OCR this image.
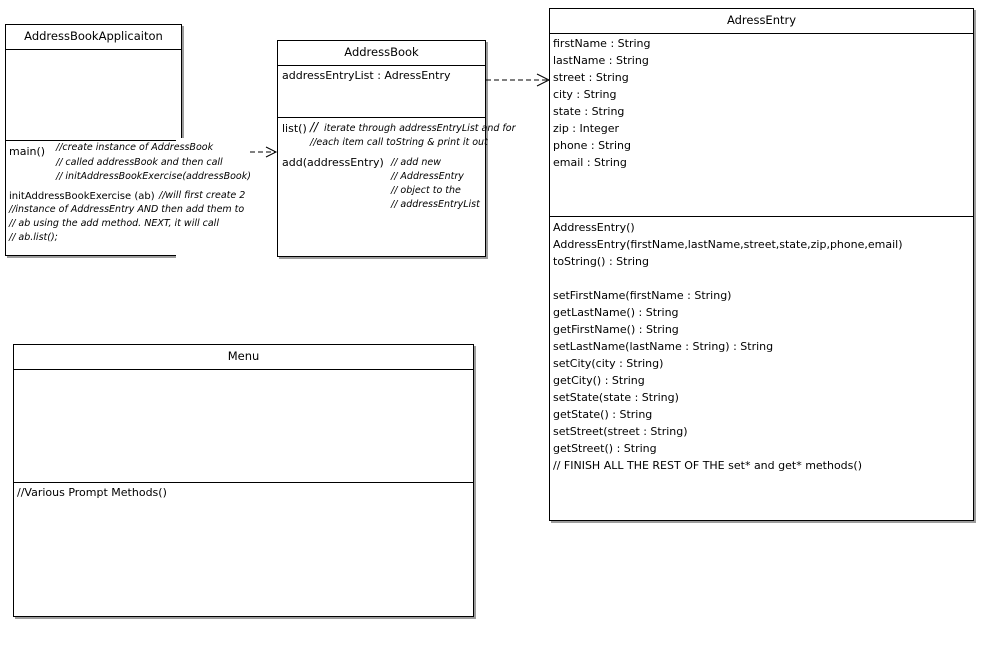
AddressBookApplicaiton
main() //create instance of AddressBook
// called addressBook and then call
// initAddressBookExercise(addressBook)
initAddressBookExercise (ab) //will first create 2
//instance of AddressEntry AND then add them to
// ab using the add method. NEXT, it will call
// ab.list();
AddressBook
addressEntryList : AdressEntry
list() // iterate through addressEntryList and for
//each item call toString & print it out
add(addressEntry) // add new
// AddressEntry
// object to the
// addressEntryList
AdressEntry
firstName : String
lastName : String
street : String
city : String
state : String
zip : Integer
phone : String
email : String
AddressEntry()
AddressEntry(firstName,lastName,street,state,zip,phone,email)
toString() : String
setFirstName(firstName : String)
getLastName() : String
getFirstName() : String
setLastName(lastName : String) : String
setCity(city : String)
getCity() : String
setState(state : String)
getState() : String
setStreet(street : String)
getStreet() : String
// FINISH ALL THE REST OF THE set* and get* methods()
Menu
//Various Prompt Methods()
